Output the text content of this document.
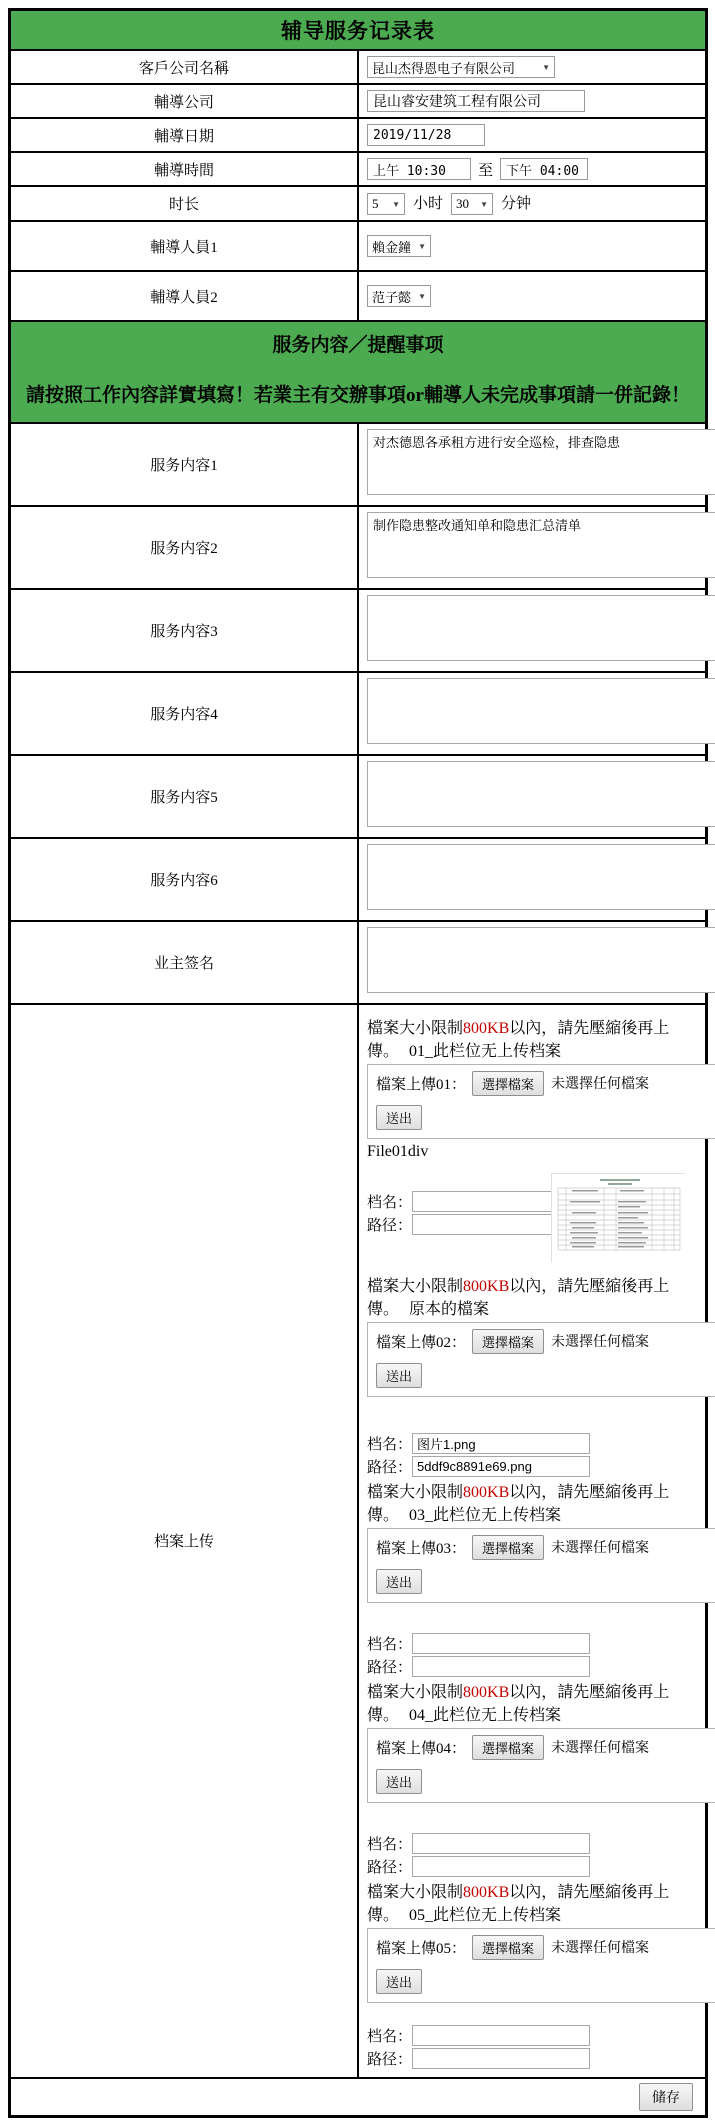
辅导服务记录表	
客戶公司名稱	昆山杰得恩电子有限公司 ▼

輔導公司	昆山睿安建筑工程有限公司
輔導日期	2019/11/28
輔導時間	上午 10:30至 下午 04:00
时长	5 ▼ 小时 30 ▼ 分钟
輔導人員1	賴金鐘 ▼

輔導人員2	范子懿 ▼

服务内容／提醒事项
請按照工作內容詳實填寫！若業主有交辦事項or輔導人未完成事項請一併記錄！	

服务内容1	对杰德恩各承租方进行安全巡检，排查隐患
服务内容2	制作隐患整改通知单和隐患汇总清单
服务内容3	
服务内容4	
服务内容5	
服务内容6	
业主签名	
档案上传	
檔案大小限制800KB以內，請先壓縮後再上傳。 01_此栏位无上传档案
檔案上傳01：	選擇檔案	未選擇任何檔案
送出
File01div
档名：
路径：
檔案大小限制800KB以內，請先壓縮後再上傳。 原本的檔案
檔案上傳02：	選擇檔案	未選擇任何檔案
送出
档名：
图片1.png
路径：
5ddf9c8891e69.png
檔案大小限制800KB以內，請先壓縮後再上傳。 03_此栏位无上传档案
檔案上傳03：	選擇檔案	未選擇任何檔案
送出
档名：
路径：
檔案大小限制800KB以內，請先壓縮後再上傳。 04_此栏位无上传档案
檔案上傳04：	選擇檔案	未選擇任何檔案
送出
档名：
路径：
檔案大小限制800KB以內，請先壓縮後再上傳。 05_此栏位无上传档案
檔案上傳05：	選擇檔案	未選擇任何檔案
送出
档名：
路径：

储存	
